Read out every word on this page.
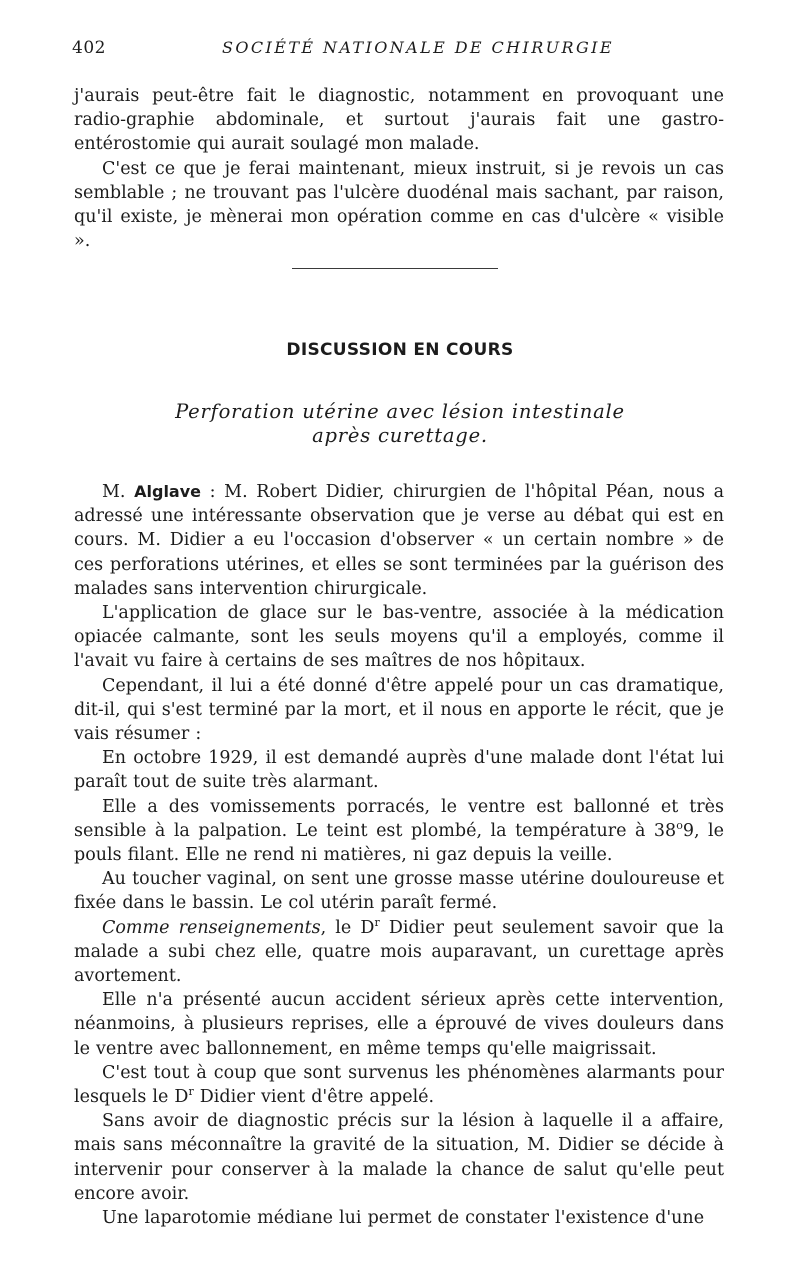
402	SOCIÉTÉ NATIONALE DE CHIRURGIE

j'aurais peut-être fait le diagnostic, notamment en provoquant une radio-graphie abdominale, et surtout j'aurais fait une gastro-entérostomie qui aurait soulagé mon malade.

C'est ce que je ferai maintenant, mieux instruit, si je revois un cas semblable ; ne trouvant pas l'ulcère duodénal mais sachant, par raison, qu'il existe, je mènerai mon opération comme en cas d'ulcère « visible ».

DISCUSSION EN COURS
Perforation utérine avec lésion intestinale
après curettage.

M. Alglave : M. Robert Didier, chirurgien de l'hôpital Péan, nous a adressé une intéressante observation que je verse au débat qui est en cours. M. Didier a eu l'occasion d'observer « un certain nombre » de ces perforations utérines, et elles se sont terminées par la guérison des malades sans intervention chirurgicale.

L'application de glace sur le bas-ventre, associée à la médication opiacée calmante, sont les seuls moyens qu'il a employés, comme il l'avait vu faire à certains de ses maîtres de nos hôpitaux.

Cependant, il lui a été donné d'être appelé pour un cas dramatique, dit-il, qui s'est terminé par la mort, et il nous en apporte le récit, que je vais résumer :

En octobre 1929, il est demandé auprès d'une malade dont l'état lui paraît tout de suite très alarmant.

Elle a des vomissements porracés, le ventre est ballonné et très sensible à la palpation. Le teint est plombé, la température à 38$^o$9, le pouls filant. Elle ne rend ni matières, ni gaz depuis la veille.

Au toucher vaginal, on sent une grosse masse utérine douloureuse et fixée dans le bassin. Le col utérin paraît fermé.

Comme renseignements, le $D^r$ Didier peut seulement savoir que la malade a subi chez elle, quatre mois auparavant, un curettage après avortement.

Elle n'a présenté aucun accident sérieux après cette intervention, néanmoins, à plusieurs reprises, elle a éprouvé de vives douleurs dans le ventre avec ballonnement, en même temps qu'elle maigrissait.

C'est tout à coup que sont survenus les phénomènes alarmants pour lesquels le $D^r$ Didier vient d'être appelé.

Sans avoir de diagnostic précis sur la lésion à laquelle il a affaire, mais sans méconnaître la gravité de la situation, M. Didier se décide à intervenir pour conserver à la malade la chance de salut qu'elle peut encore avoir.

Une laparotomie médiane lui permet de constater l'existence d'une
